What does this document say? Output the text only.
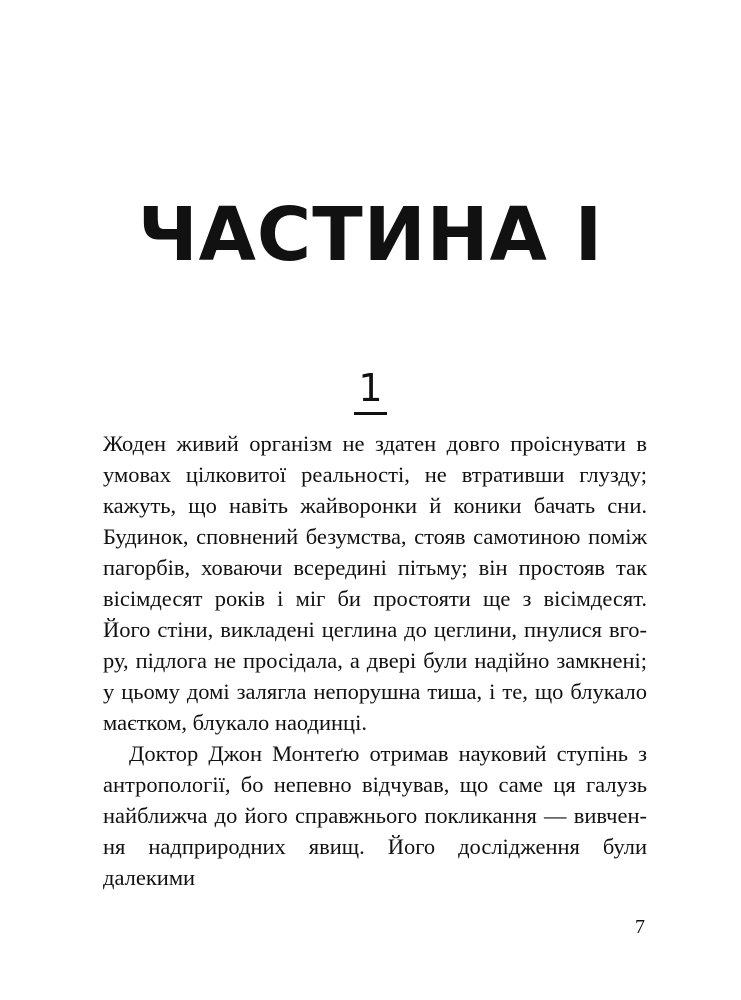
ЧАСТИНА I
1

Жоден живий організм не здатен довго проіснувати в умовах цілковитої реальності, не втративши глузду; кажуть, що навіть жайворонки й коники бачать сни. Будинок, сповнений безумства, стояв самотиною поміж пагорбів, ховаючи всередині пітьму; він простояв так вісімдесят років і міг би простояти ще з вісімдесят. Його стіни, викладені цеглина до цеглини, пнулися вгору, підлога не просідала, а двері були надійно замкнені; у цьому домі залягла непорушна тиша, і те, що блукало маєтком, блукало наодинці.

Доктор Джон Монтеґю отримав науковий ступінь з антропології, бо непевно відчував, що саме ця галузь найближча до його справжнього покликання — вивчення надприродних явищ. Його дослідження були далекими

7
